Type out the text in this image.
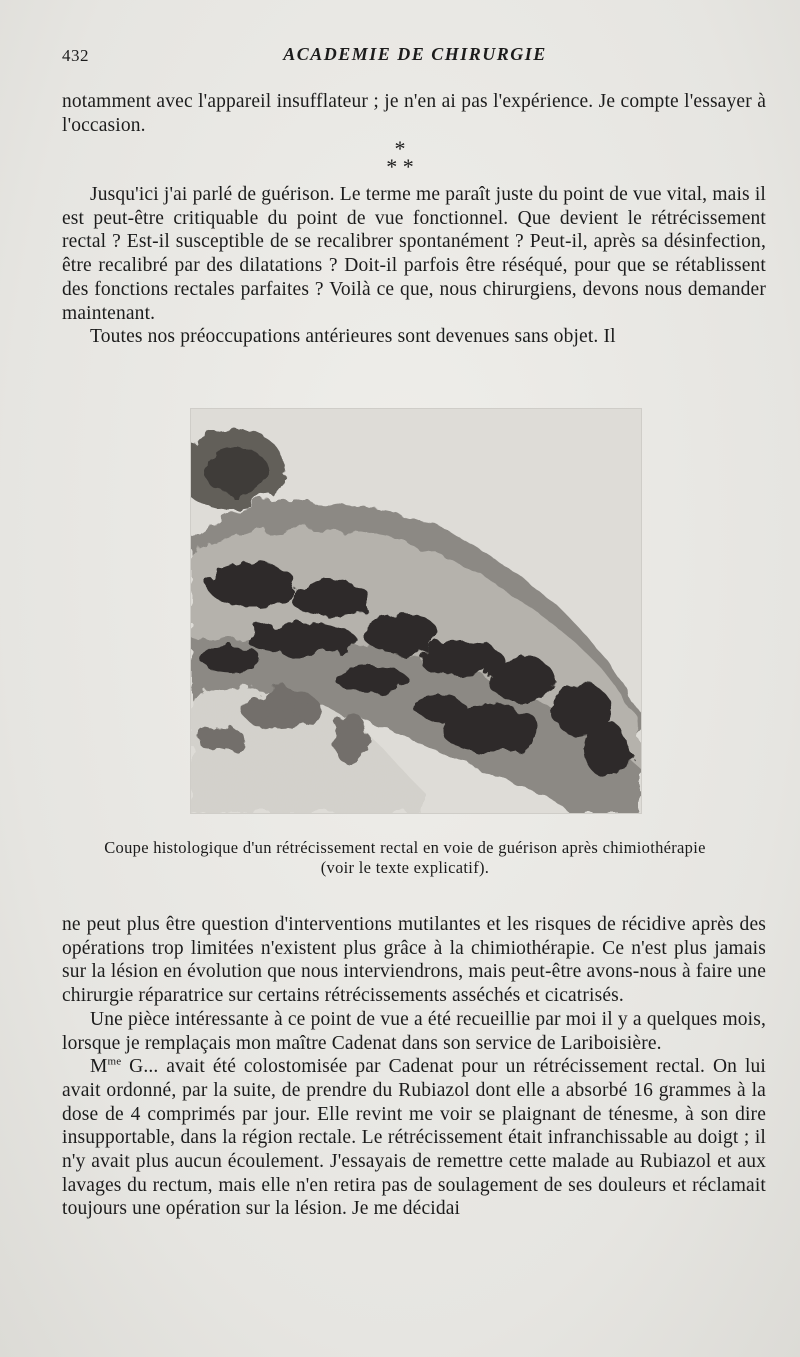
432	ACADEMIE DE CHIRURGIE

notamment avec l'appareil insufflateur ; je n'en ai pas l'expérience. Je compte l'essayer à l'occasion.

*
* *

Jusqu'ici j'ai parlé de guérison. Le terme me paraît juste du point de vue vital, mais il est peut-être critiquable du point de vue fonctionnel. Que devient le rétrécissement rectal ? Est-il susceptible de se recalibrer spontanément ? Peut-il, après sa désinfection, être recalibré par des dilatations ? Doit-il parfois être réséqué, pour que se rétablissent des fonctions rectales parfaites ? Voilà ce que, nous chirurgiens, devons nous demander maintenant.

Toutes nos préoccupations antérieures sont devenues sans objet. Il

Coupe histologique d'un rétrécissement rectal en voie de guérison après chimiothérapie
(voir le texte explicatif).

ne peut plus être question d'interventions mutilantes et les risques de récidive après des opérations trop limitées n'existent plus grâce à la chimiothérapie. Ce n'est plus jamais sur la lésion en évolution que nous interviendrons, mais peut-être avons-nous à faire une chirurgie réparatrice sur certains rétrécissements asséchés et cicatrisés.

Une pièce intéressante à ce point de vue a été recueillie par moi il y a quelques mois, lorsque je remplaçais mon maître Cadenat dans son service de Lariboisière.

$M^{me}$ G... avait été colostomisée par Cadenat pour un rétrécissement rectal. On lui avait ordonné, par la suite, de prendre du Rubiazol dont elle a absorbé 16 grammes à la dose de 4 comprimés par jour. Elle revint me voir se plaignant de ténesme, à son dire insupportable, dans la région rectale. Le rétrécissement était infranchissable au doigt ; il n'y avait plus aucun écoulement. J'essayais de remettre cette malade au Rubiazol et aux lavages du rectum, mais elle n'en retira pas de soulagement de ses douleurs et réclamait toujours une opération sur la lésion. Je me décidai
